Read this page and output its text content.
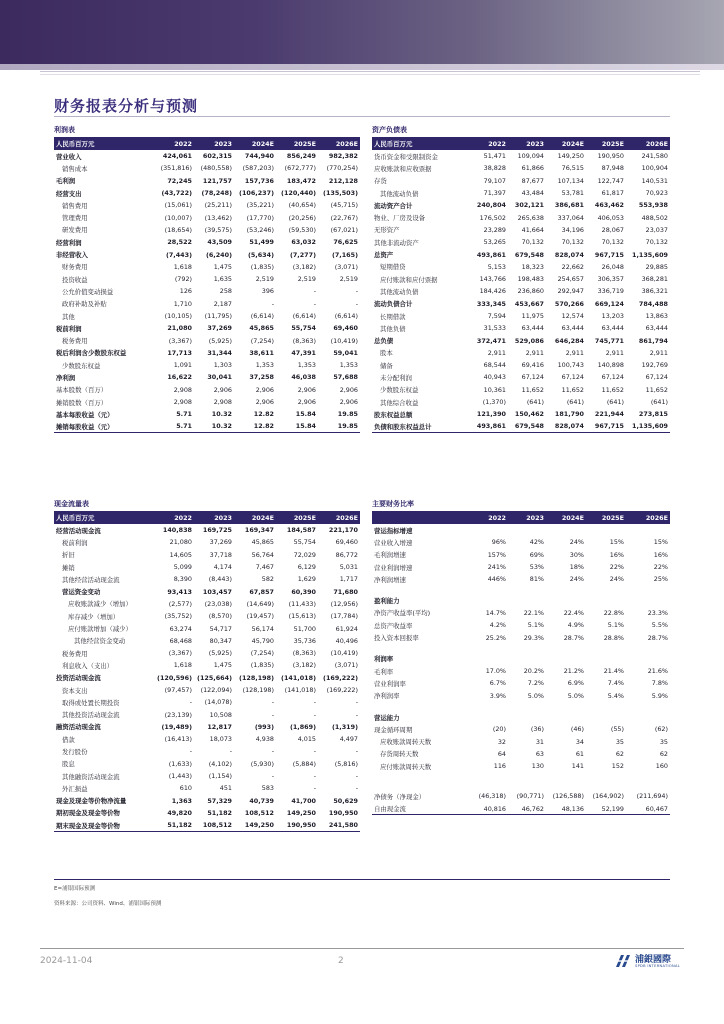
财务报表分析与预测
利润表
人民币百万元	2022	2023	2024E	2025E	2026E
营业收入	424,061	602,315	744,940	856,249	982,382
销售成本	(351,816)	(480,558)	(587,203)	(672,777)	(770,254)
毛利润	72,245	121,757	157,736	183,472	212,128
经营支出	(43,722)	(78,248)	(106,237)	(120,440)	(135,503)
销售费用	(15,061)	(25,211)	(35,221)	(40,654)	(45,715)
管理费用	(10,007)	(13,462)	(17,770)	(20,256)	(22,767)
研发费用	(18,654)	(39,575)	(53,246)	(59,530)	(67,021)
经营利润	28,522	43,509	51,499	63,032	76,625
非经营收入	(7,443)	(6,240)	(5,634)	(7,277)	(7,165)
财务费用	1,618	1,475	(1,835)	(3,182)	(3,071)
投资收益	(792)	1,635	2,519	2,519	2,519
公允价值变动损益	126	258	396	-	-
政府补助及补贴	1,710	2,187	-	-	-
其他	(10,105)	(11,795)	(6,614)	(6,614)	(6,614)
税前利润	21,080	37,269	45,865	55,754	69,460
税务费用	(3,367)	(5,925)	(7,254)	(8,363)	(10,419)
税后利润含少数股东权益	17,713	31,344	38,611	47,391	59,041
少数股东权益	1,091	1,303	1,353	1,353	1,353
净利润	16,622	30,041	37,258	46,038	57,688
基本股数（百万）	2,908	2,906	2,906	2,906	2,906
摊销股数（百万）	2,908	2,908	2,906	2,906	2,906
基本每股收益（元）	5.71	10.32	12.82	15.84	19.85
摊销每股收益（元）	5.71	10.32	12.82	15.84	19.85
资产负债表
人民币百万元	2022	2023	2024E	2025E	2026E
货币资金和受限制资金	51,471	109,094	149,250	190,950	241,580
应收账款和应收票据	38,828	61,866	76,515	87,948	100,904
存货	79,107	87,677	107,134	122,747	140,531
其他流动负债	71,397	43,484	53,781	61,817	70,923
流动资产合计	240,804	302,121	386,681	463,462	553,938
物业、厂房及设备	176,502	265,638	337,064	406,053	488,502
无形资产	23,289	41,664	34,196	28,067	23,037
其他非流动资产	53,265	70,132	70,132	70,132	70,132
总资产	493,861	679,548	828,074	967,715	1,135,609
短期借贷	5,153	18,323	22,662	26,048	29,885
应付账款和应付票据	143,766	198,483	254,657	306,357	368,281
其他流动负债	184,426	236,860	292,947	336,719	386,321
流动负债合计	333,345	453,667	570,266	669,124	784,488
长期借款	7,594	11,975	12,574	13,203	13,863
其他负债	31,533	63,444	63,444	63,444	63,444
总负债	372,471	529,086	646,284	745,771	861,794
股本	2,911	2,911	2,911	2,911	2,911
储备	68,544	69,416	100,743	140,898	192,769
未分配利润	40,943	67,124	67,124	67,124	67,124
少数股东权益	10,361	11,652	11,652	11,652	11,652
其他综合收益	(1,370)	(641)	(641)	(641)	(641)
股东权益总额	121,390	150,462	181,790	221,944	273,815
负债和股东权益总计	493,861	679,548	828,074	967,715	1,135,609
现金流量表
人民币百万元	2022	2023	2024E	2025E	2026E
经营活动现金流	140,838	169,725	169,347	184,587	221,170
税前利润	21,080	37,269	45,865	55,754	69,460
折旧	14,605	37,718	56,764	72,029	86,772
摊销	5,099	4,174	7,467	6,129	5,031
其他经营活动现金流	8,390	(8,443)	582	1,629	1,717
营运资金变动	93,413	103,457	67,857	60,390	71,680
应收账款减少（增加）	(2,577)	(23,038)	(14,649)	(11,433)	(12,956)
库存减少（增加）	(35,752)	(8,570)	(19,457)	(15,613)	(17,784)
应付账款增加（减少）	63,274	54,717	56,174	51,700	61,924
其他经营资金变动	68,468	80,347	45,790	35,736	40,496
税务费用	(3,367)	(5,925)	(7,254)	(8,363)	(10,419)
利息收入（支出）	1,618	1,475	(1,835)	(3,182)	(3,071)
投资活动现金流	(120,596)	(125,664)	(128,198)	(141,018)	(169,222)
资本支出	(97,457)	(122,094)	(128,198)	(141,018)	(169,222)
取得或处置长期投资	-	(14,078)	-	-	-
其他投资活动现金流	(23,139)	10,508	-	-	-
融资活动现金流	(19,489)	12,817	(993)	(1,869)	(1,319)
借款	(16,413)	18,073	4,938	4,015	4,497
发行股份	-	-	-	-	-
股息	(1,633)	(4,102)	(5,930)	(5,884)	(5,816)
其他融资活动现金流	(1,443)	(1,154)	-	-	-
外汇损益	610	451	583	-	-
现金及现金等价物净流量	1,363	57,329	40,739	41,700	50,629
期初现金及现金等价物	49,820	51,182	108,512	149,250	190,950
期末现金及现金等价物	51,182	108,512	149,250	190,950	241,580
主要财务比率
	2022	2023	2024E	2025E	2026E
营运指标增速					
营业收入增速	96%	42%	24%	15%	15%
毛利润增速	157%	69%	30%	16%	16%
营业利润增速	241%	53%	18%	22%	22%
净利润增速	446%	81%	24%	24%	25%

盈利能力					
净资产收益率(平均)	14.7%	22.1%	22.4%	22.8%	23.3%
总资产收益率	4.2%	5.1%	4.9%	5.1%	5.5%
投入资本回报率	25.2%	29.3%	28.7%	28.8%	28.7%

利润率					
毛利率	17.0%	20.2%	21.2%	21.4%	21.6%
营业利润率	6.7%	7.2%	6.9%	7.4%	7.8%
净利润率	3.9%	5.0%	5.0%	5.4%	5.9%

营运能力					
现金循环周期	(20)	(36)	(46)	(55)	(62)
应收账款周转天数	32	31	34	35	35
存货周转天数	64	63	61	62	62
应付账款周转天数	116	130	141	152	160

净债务（净现金）	(46,318)	(90,771)	(126,588)	(164,902)	(211,694)
自由现金流	40,816	46,762	48,136	52,199	60,467
E=浦银国际预测
资料来源：公司资料、Wind、浦银国际预测
2024-11-04	2	浦銀國際
SPDB INTERNATIONAL
